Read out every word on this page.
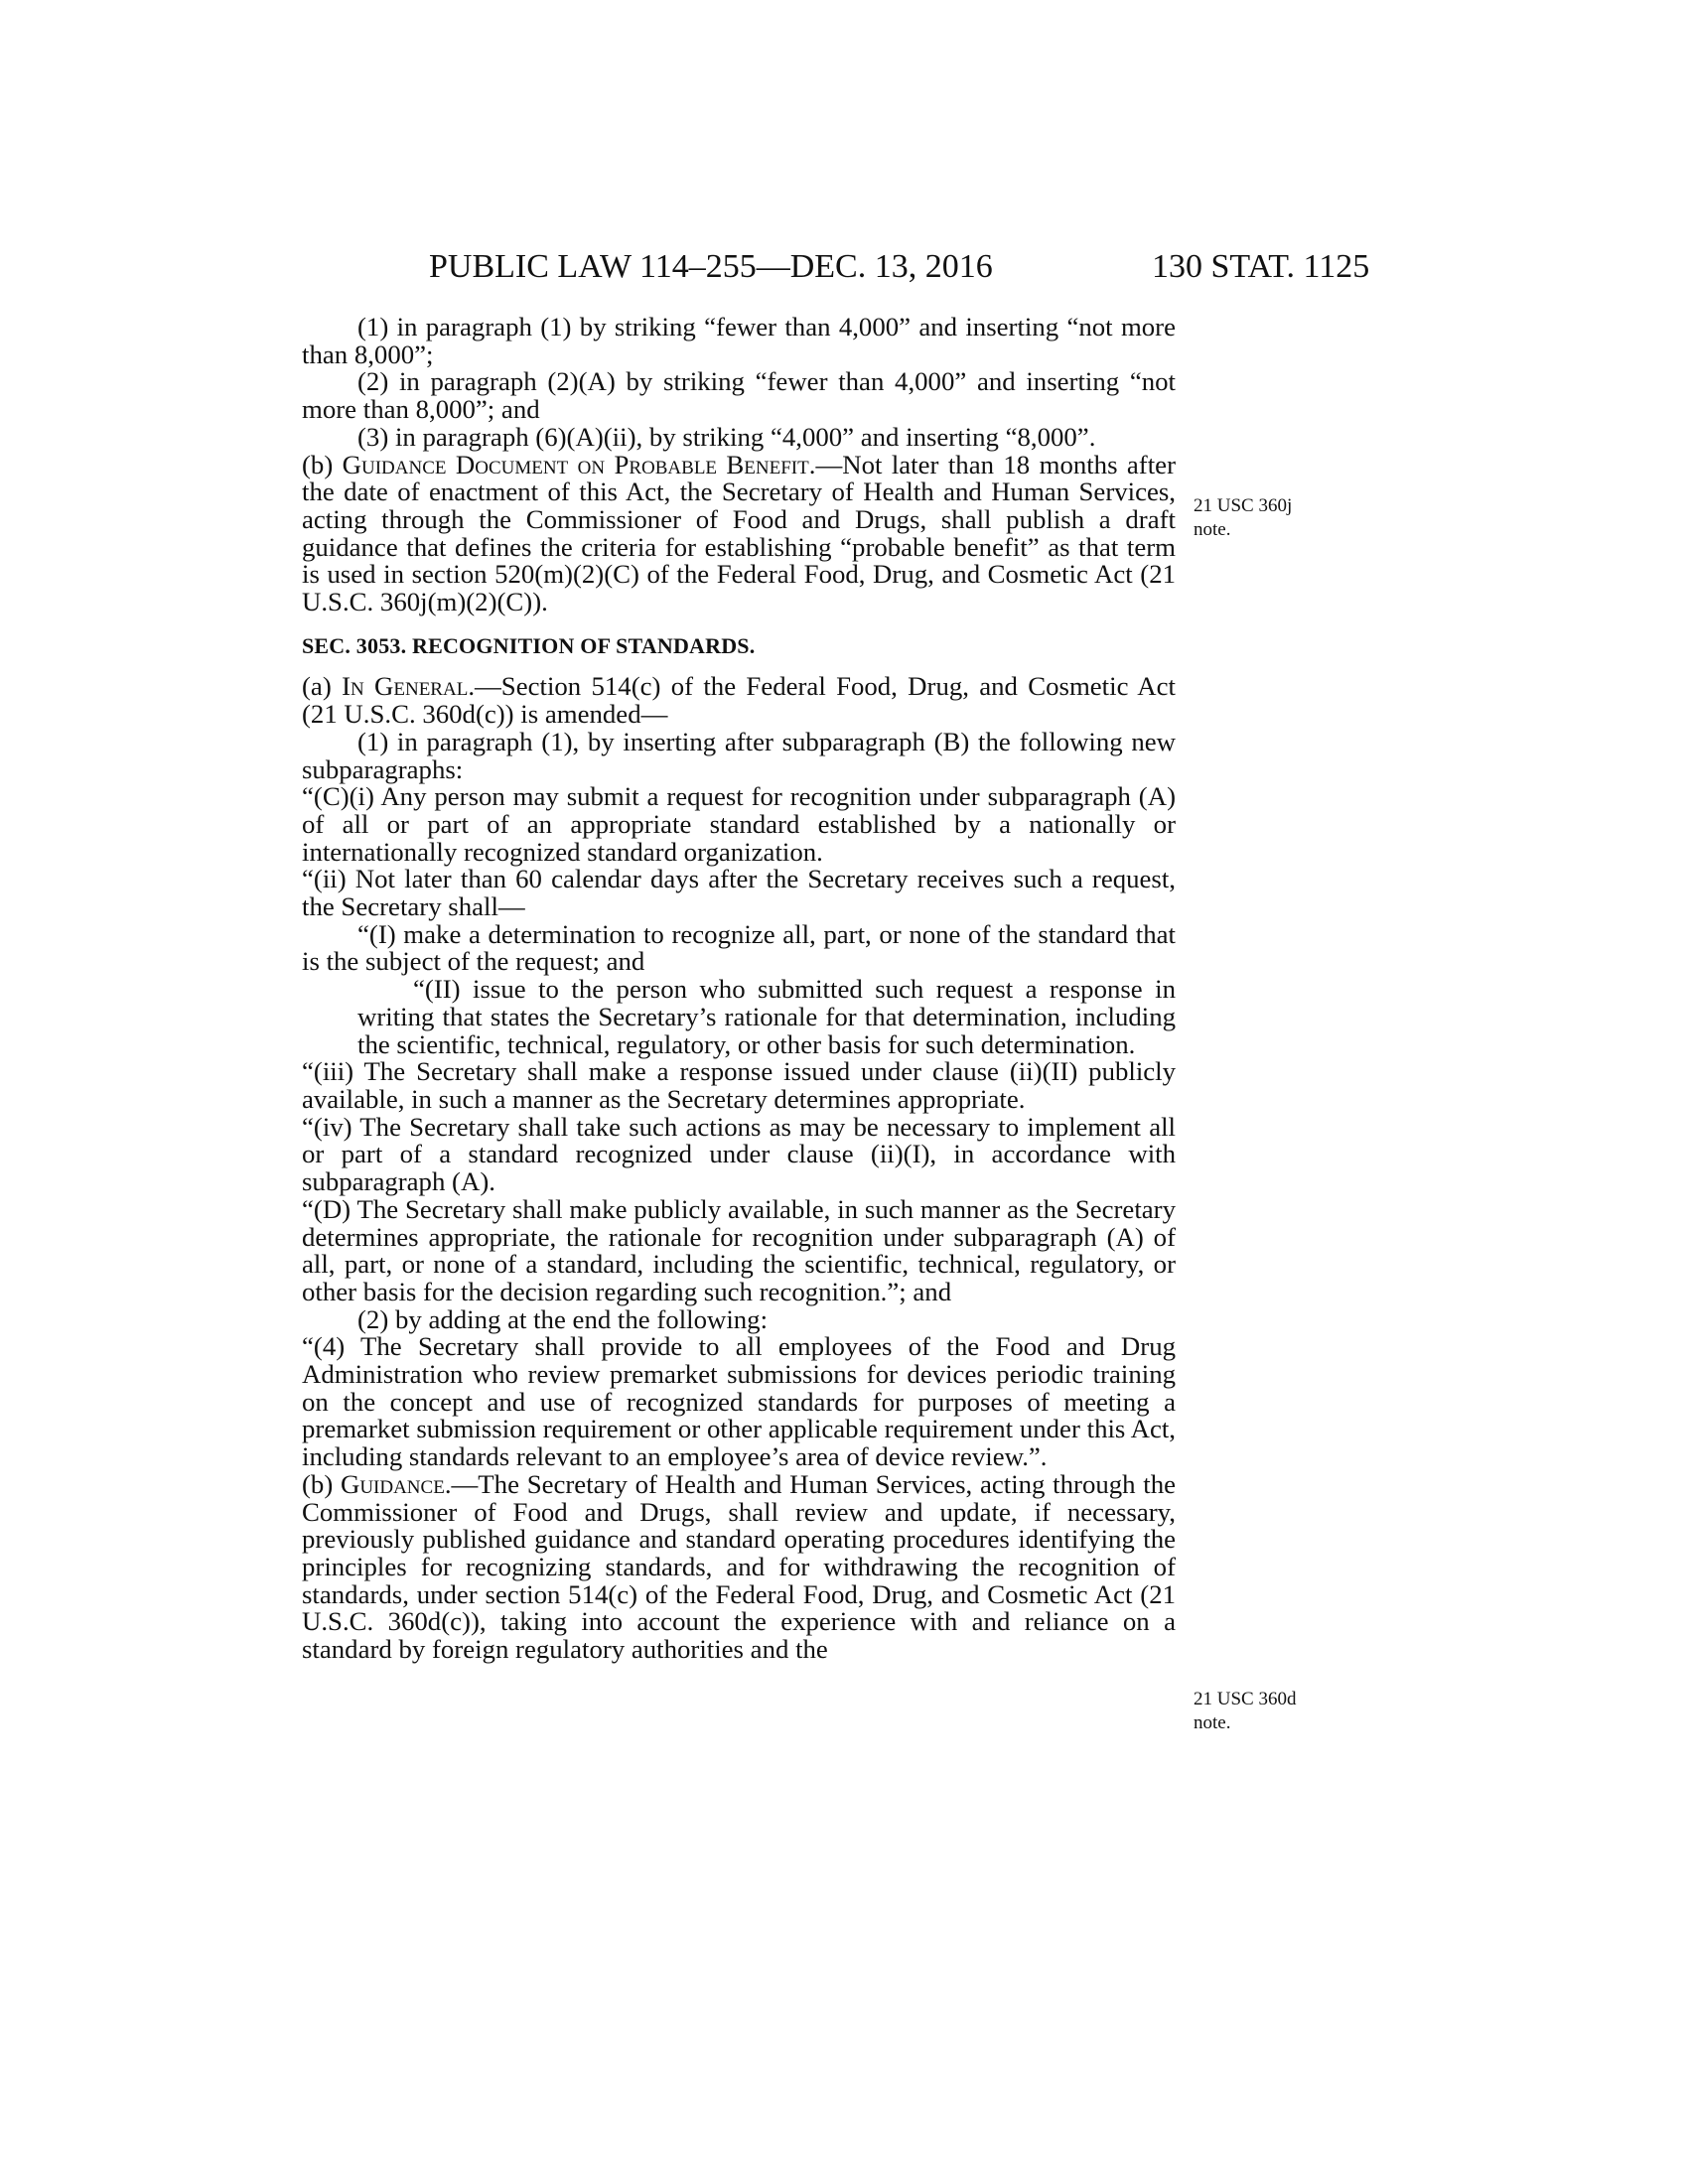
PUBLIC LAW 114–255—DEC. 13, 2016	130 STAT. 1125
21 USC 360j
note.
21 USC 360d
note.

(1) in paragraph (1) by striking “fewer than 4,000” and inserting “not more than 8,000”;

(2) in paragraph (2)(A) by striking “fewer than 4,000” and inserting “not more than 8,000”; and

(3) in paragraph (6)(A)(ii), by striking “4,000” and inserting “8,000”.

(b) Guidance Document on Probable Benefit.—Not later than 18 months after the date of enactment of this Act, the Secretary of Health and Human Services, acting through the Commissioner of Food and Drugs, shall publish a draft guidance that defines the criteria for establishing “probable benefit” as that term is used in section 520(m)(2)(C) of the Federal Food, Drug, and Cosmetic Act (21 U.S.C. 360j(m)(2)(C)).

SEC. 3053. RECOGNITION OF STANDARDS.

(a) In General.—Section 514(c) of the Federal Food, Drug, and Cosmetic Act (21 U.S.C. 360d(c)) is amended—

(1) in paragraph (1), by inserting after subparagraph (B) the following new subparagraphs:

“(C)(i) Any person may submit a request for recognition under subparagraph (A) of all or part of an appropriate standard established by a nationally or internationally recognized standard organization.

“(ii) Not later than 60 calendar days after the Secretary receives such a request, the Secretary shall—

“(I) make a determination to recognize all, part, or none of the standard that is the subject of the request; and

“(II) issue to the person who submitted such request a response in writing that states the Secretary’s rationale for that determination, including the scientific, technical, regulatory, or other basis for such determination.

“(iii) The Secretary shall make a response issued under clause (ii)(II) publicly available, in such a manner as the Secretary determines appropriate.

“(iv) The Secretary shall take such actions as may be necessary to implement all or part of a standard recognized under clause (ii)(I), in accordance with subparagraph (A).

“(D) The Secretary shall make publicly available, in such manner as the Secretary determines appropriate, the rationale for recognition under subparagraph (A) of all, part, or none of a standard, including the scientific, technical, regulatory, or other basis for the decision regarding such recognition.”; and

(2) by adding at the end the following:

“(4) The Secretary shall provide to all employees of the Food and Drug Administration who review premarket submissions for devices periodic training on the concept and use of recognized standards for purposes of meeting a premarket submission requirement or other applicable requirement under this Act, including standards relevant to an employee’s area of device review.”.

(b) Guidance.—The Secretary of Health and Human Services, acting through the Commissioner of Food and Drugs, shall review and update, if necessary, previously published guidance and standard operating procedures identifying the principles for recognizing standards, and for withdrawing the recognition of standards, under section 514(c) of the Federal Food, Drug, and Cosmetic Act (21 U.S.C. 360d(c)), taking into account the experience with and reliance on a standard by foreign regulatory authorities and the
